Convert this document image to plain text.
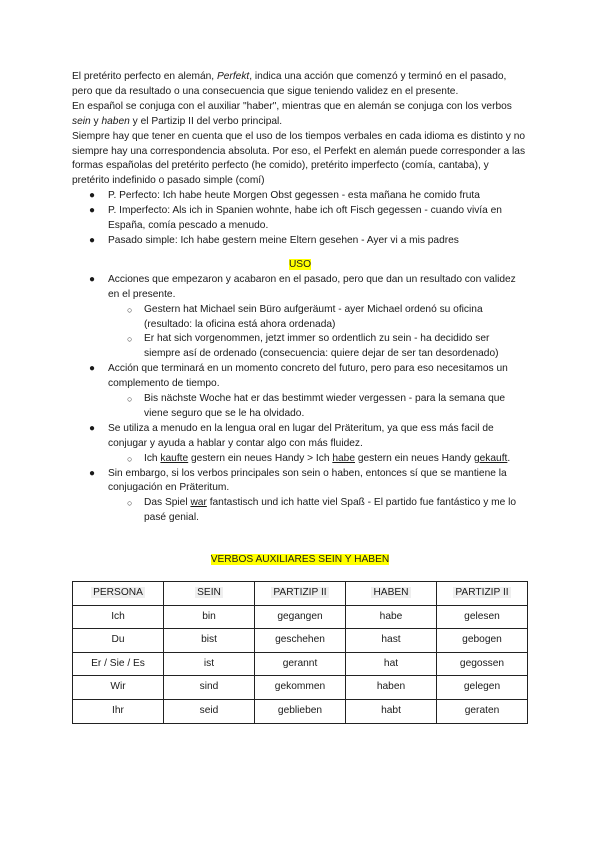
El pretérito perfecto en alemán, Perfekt, indica una acción que comenzó y terminó en el pasado, pero que da resultado o una consecuencia que sigue teniendo validez en el presente.

En español se conjuga con el auxiliar "haber", mientras que en alemán se conjuga con los verbos sein y haben y el Partizip II del verbo principal.

Siempre hay que tener en cuenta que el uso de los tiempos verbales en cada idioma es distinto y no siempre hay una correspondencia absoluta. Por eso, el Perfekt en alemán puede corresponder a las formas españolas del pretérito perfecto (he comido), pretérito imperfecto (comía, cantaba), y pretérito indefinido o pasado simple (comí)

● P. Perfecto: Ich habe heute Morgen Obst gegessen - esta mañana he comido fruta
● P. Imperfecto: Als ich in Spanien wohnte, habe ich oft Fisch gegessen - cuando vivía en España, comía pescado a menudo.
● Pasado simple: Ich habe gestern meine Eltern gesehen - Ayer vi a mis padres

USO

● Acciones que empezaron y acabaron en el pasado, pero que dan un resultado con validez en el presente.
○ Gestern hat Michael sein Büro aufgeräumt - ayer Michael ordenó su oficina (resultado: la oficina está ahora ordenada)
○ Er hat sich vorgenommen, jetzt immer so ordentlich zu sein - ha decidido ser siempre así de ordenado (consecuencia: quiere dejar de ser tan desordenado)
● Acción que terminará en un momento concreto del futuro, pero para eso necesitamos un complemento de tiempo.
○ Bis nächste Woche hat er das bestimmt wieder vergessen - para la semana que viene seguro que se le ha olvidado.
● Se utiliza a menudo en la lengua oral en lugar del Präteritum, ya que ess más facil de conjugar y ayuda a hablar y contar algo con más fluidez.
○ Ich kaufte gestern ein neues Handy > Ich habe gestern ein neues Handy gekauft.
● Sin embargo, si los verbos principales son sein o haben, entonces sí que se mantiene la conjugación en Präteritum.
○ Das Spiel war fantastisch und ich hatte viel Spaß - El partido fue fantástico y me lo pasé genial.

VERBOS AUXILIARES SEIN Y HABEN

PERSONA	SEIN	PARTIZIP II	HABEN	PARTIZIP II
Ich	bin	gegangen	habe	gelesen
Du	bist	geschehen	hast	gebogen
Er / Sie / Es	ist	gerannt	hat	gegossen
Wir	sind	gekommen	haben	gelegen
Ihr	seid	geblieben	habt	geraten
